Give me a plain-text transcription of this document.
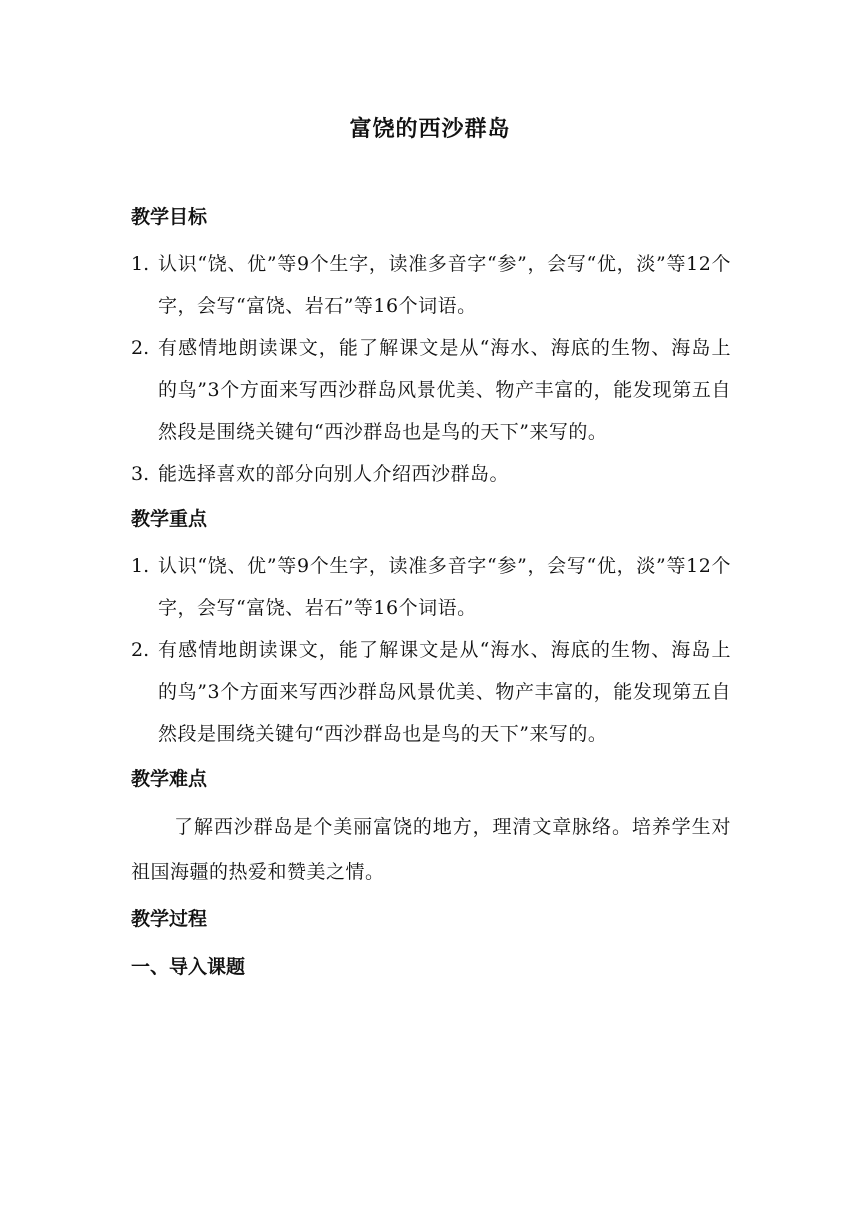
富饶的西沙群岛
教学目标
1. 认识“饶、优”等9个生字，读准多音字“参”，会写“优，淡”等12个字，会写“富饶、岩石”等16个词语。
2. 有感情地朗读课文，能了解课文是从“海水、海底的生物、海岛上的鸟”3个方面来写西沙群岛风景优美、物产丰富的，能发现第五自然段是围绕关键句“西沙群岛也是鸟的天下”来写的。
3. 能选择喜欢的部分向别人介绍西沙群岛。
教学重点
1. 认识“饶、优”等9个生字，读准多音字“参”，会写“优，淡”等12个字，会写“富饶、岩石”等16个词语。
2. 有感情地朗读课文，能了解课文是从“海水、海底的生物、海岛上的鸟”3个方面来写西沙群岛风景优美、物产丰富的，能发现第五自然段是围绕关键句“西沙群岛也是鸟的天下”来写的。
教学难点

了解西沙群岛是个美丽富饶的地方，理清文章脉络。培养学生对祖国海疆的热爱和赞美之情。

教学过程
一、导入课题
